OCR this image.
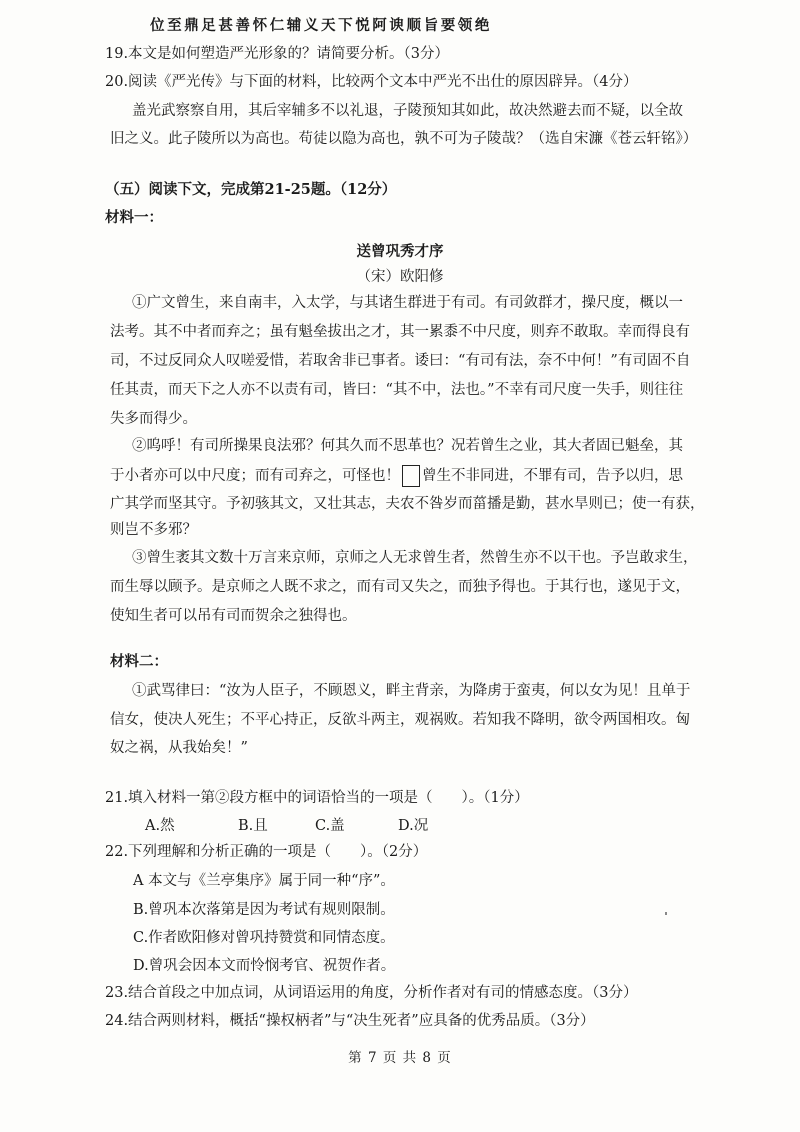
位至鼎足甚善怀仁辅义天下悦阿谀顺旨要领绝
19.本文是如何塑造严光形象的？请简要分析。（3分）
20.阅读《严光传》与下面的材料，比较两个文本中严光不出仕的原因辟异。（4分）
盖光武察察自用，其后宰辅多不以礼退，子陵预知其如此，故决然避去而不疑，以全故
旧之义。此子陵所以为高也。苟徒以隐为高也，孰不可为子陵哉？（选自宋濂《苍云轩铭》）
（五）阅读下文，完成第21-25题。（12分）
材料一：
送曾巩秀才序
（宋）欧阳修
①广文曾生，来自南丰，入太学，与其诸生群进于有司。有司敛群才，操尺度，概以一
法考。其不中者而弃之；虽有魁垒拔出之才，其一累黍不中尺度，则弃不敢取。幸而得良有
司，不过反同众人叹嗟爱惜，若取舍非已事者。诿曰：“有司有法，奈不中何！”有司固不自
任其责，而天下之人亦不以责有司，皆曰：“其不中，法也。”不幸有司尺度一失手，则往往
失多而得少。
②呜呼！有司所操果良法邪？何其久而不思革也？况若曾生之业，其大者固已魁垒，其
于小者亦可以中尺度；而有司弃之，可怪也！ 曾生不非同进，不罪有司，告予以归，思
广其学而坚其守。予初骇其文，又壮其志，夫农不咎岁而菑播是勤，甚水旱则已；使一有获，
则岂不多邪？
③曾生袤其文数十万言来京师，京师之人无求曾生者，然曾生亦不以干也。予岂敢求生，
而生辱以顾予。是京师之人既不求之，而有司又失之，而独予得也。于其行也，遂见于文，
使知生者可以吊有司而贺余之独得也。
材料二：
①武骂律曰：“汝为人臣子，不顾恩义，畔主背亲，为降虏于蛮夷，何以女为见！且单于
信女，使决人死生；不平心持正，反欲斗两主，观祸败。若知我不降明，欲令两国相攻。匈
奴之祸，从我始矣！”
21.填入材料一第②段方框中的词语恰当的一项是（　　）。（1分）
A.然	B.且	C.盖	D.况
22.下列理解和分析正确的一项是（　　）。（2分）
A 本文与《兰亭集序》属于同一种“序”。
B.曾巩本次落第是因为考试有规则限制。
C.作者欧阳修对曾巩持赞赏和同情态度。
D.曾巩会因本文而怜悯考官、祝贺作者。
23.结合首段之中加点词，从词语运用的角度，分析作者对有司的情感态度。（3分）
24.结合两则材料，概括“操权柄者”与“决生死者”应具备的优秀品质。（3分）
第 7 页 共 8 页
